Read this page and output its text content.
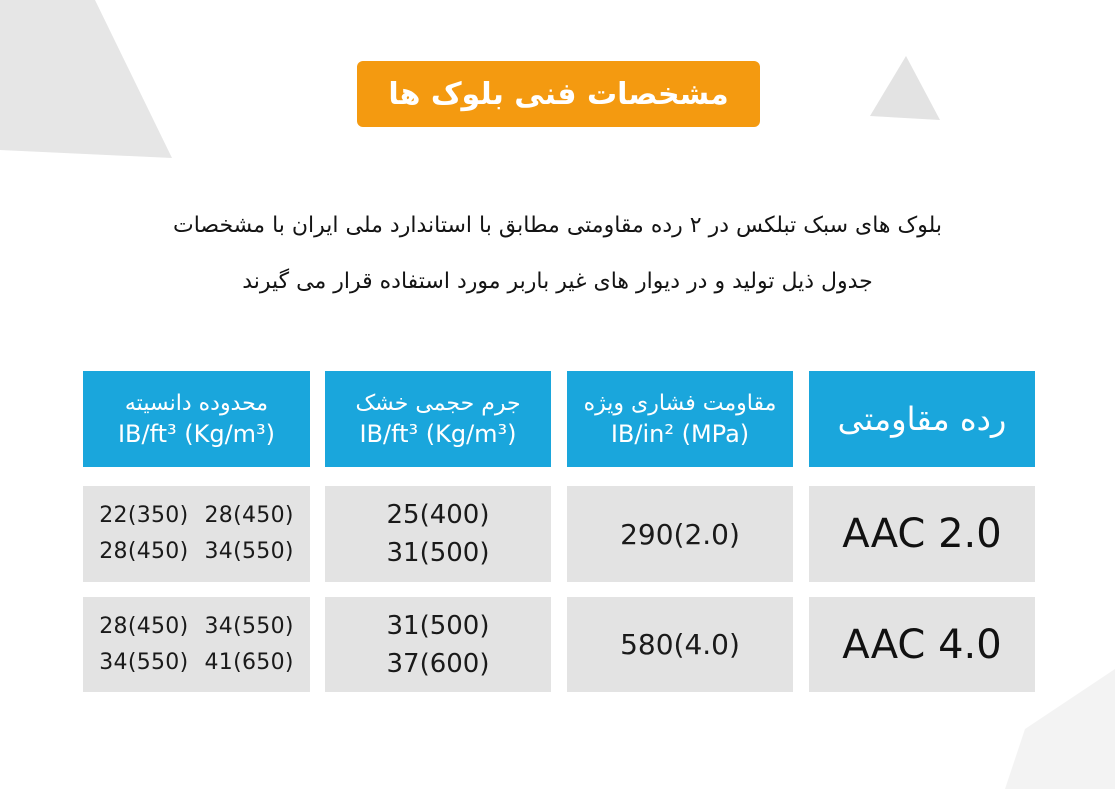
مشخصات فنی بلوک ها
بلوک های سبک تبلکس در ۲ رده مقاومتی مطابق با استاندارد ملی ایران با مشخصات
جدول ذیل تولید و در دیوار های غیر باربر مورد استفاده قرار می گیرند
رده مقاومتی
مقاومت فشاری ویژه
IB/in² (MPa)
جرم حجمی خشک
IB/ft³ (Kg/m³)
محدوده دانسیته
IB/ft³ (Kg/m³)
AAC 2.0
290(2.0)
25(400)
31(500)
22(350) 28(450)
28(450) 34(550)
AAC 4.0
580(4.0)
31(500)
37(600)
28(450) 34(550)
34(550) 41(650)
